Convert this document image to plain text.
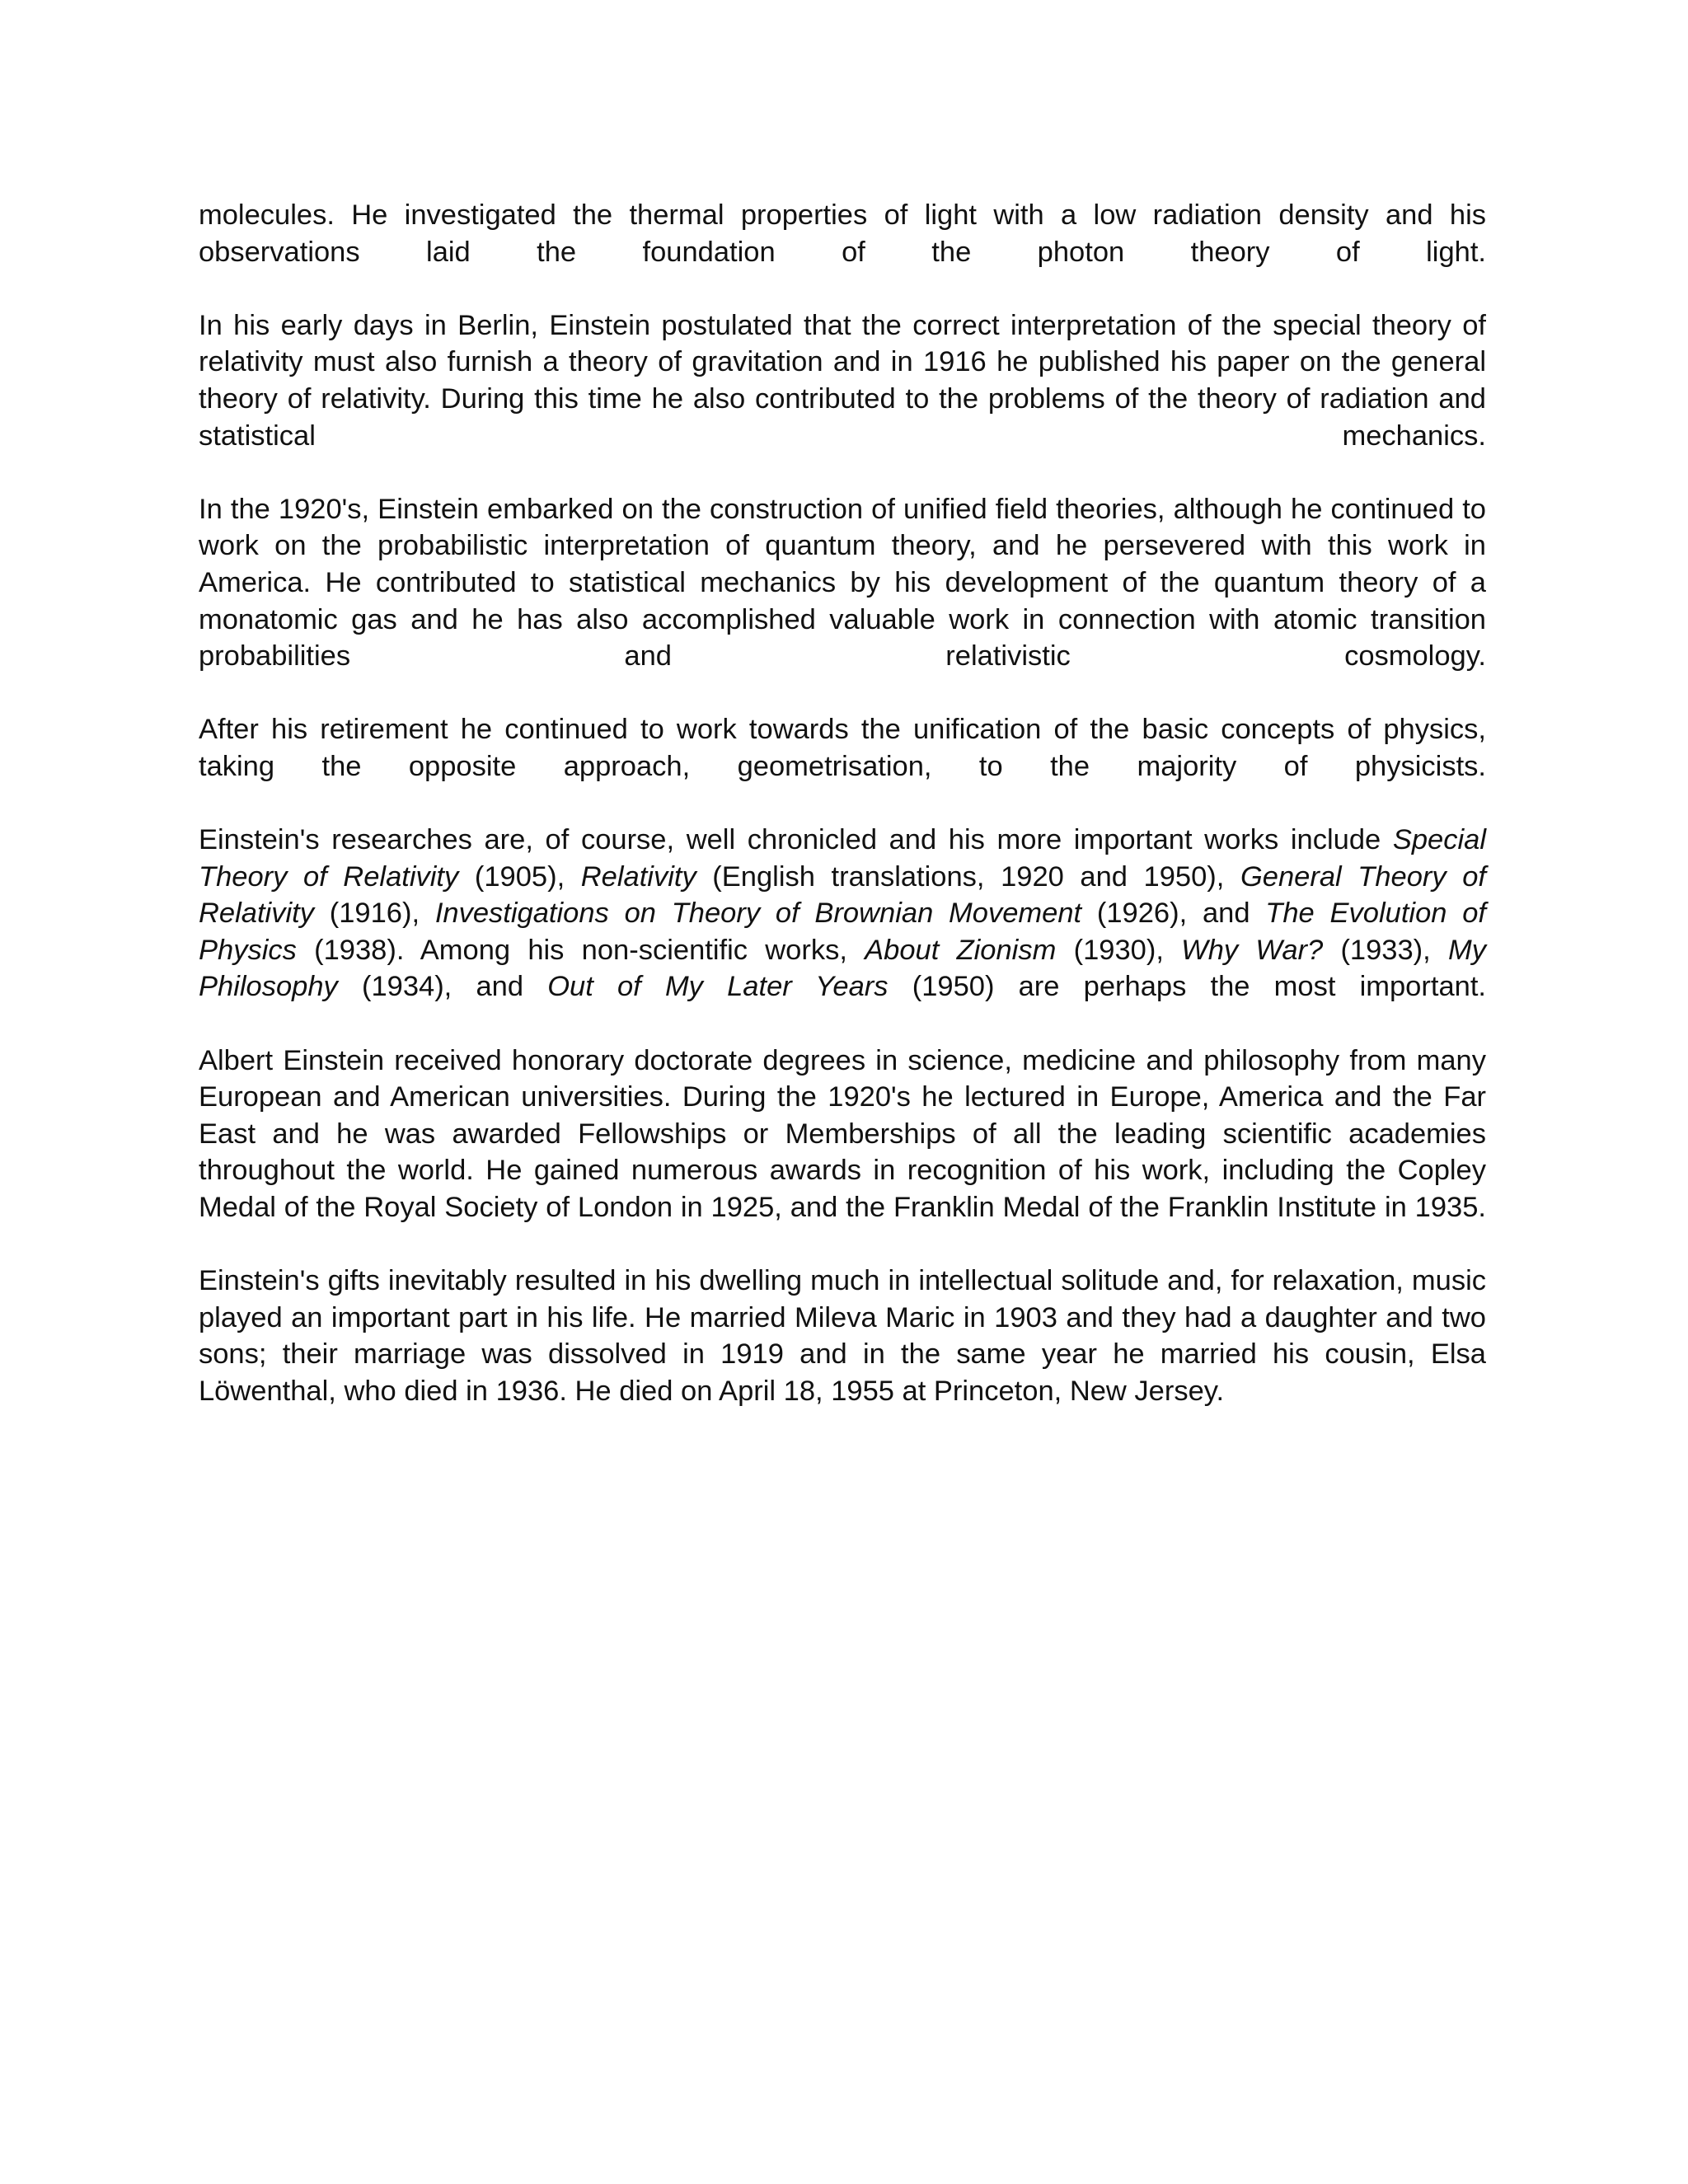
molecules. He investigated the thermal properties of light with a low radiation density and his observations laid the foundation of the photon theory of light.

In his early days in Berlin, Einstein postulated that the correct interpretation of the special theory of relativity must also furnish a theory of gravitation and in 1916 he published his paper on the general theory of relativity. During this time he also contributed to the problems of the theory of radiation and statistical mechanics.

In the 1920's, Einstein embarked on the construction of unified field theories, although he continued to work on the probabilistic interpretation of quantum theory, and he persevered with this work in America. He contributed to statistical mechanics by his development of the quantum theory of a monatomic gas and he has also accomplished valuable work in connection with atomic transition probabilities and relativistic cosmology.

After his retirement he continued to work towards the unification of the basic concepts of physics, taking the opposite approach, geometrisation, to the majority of physicists.

Einstein's researches are, of course, well chronicled and his more important works include Special Theory of Relativity (1905), Relativity (English translations, 1920 and 1950), General Theory of Relativity (1916), Investigations on Theory of Brownian Movement (1926), and The Evolution of Physics (1938). Among his non-scientific works, About Zionism (1930), Why War? (1933), My Philosophy (1934), and Out of My Later Years (1950) are perhaps the most important.

Albert Einstein received honorary doctorate degrees in science, medicine and philosophy from many European and American universities. During the 1920's he lectured in Europe, America and the Far East and he was awarded Fellowships or Memberships of all the leading scientific academies throughout the world. He gained numerous awards in recognition of his work, including the Copley Medal of the Royal Society of London in 1925, and the Franklin Medal of the Franklin Institute in 1935.

Einstein's gifts inevitably resulted in his dwelling much in intellectual solitude and, for relaxation, music played an important part in his life. He married Mileva Maric in 1903 and they had a daughter and two sons; their marriage was dissolved in 1919 and in the same year he married his cousin, Elsa Löwenthal, who died in 1936. He died on April 18, 1955 at Princeton, New Jersey.
